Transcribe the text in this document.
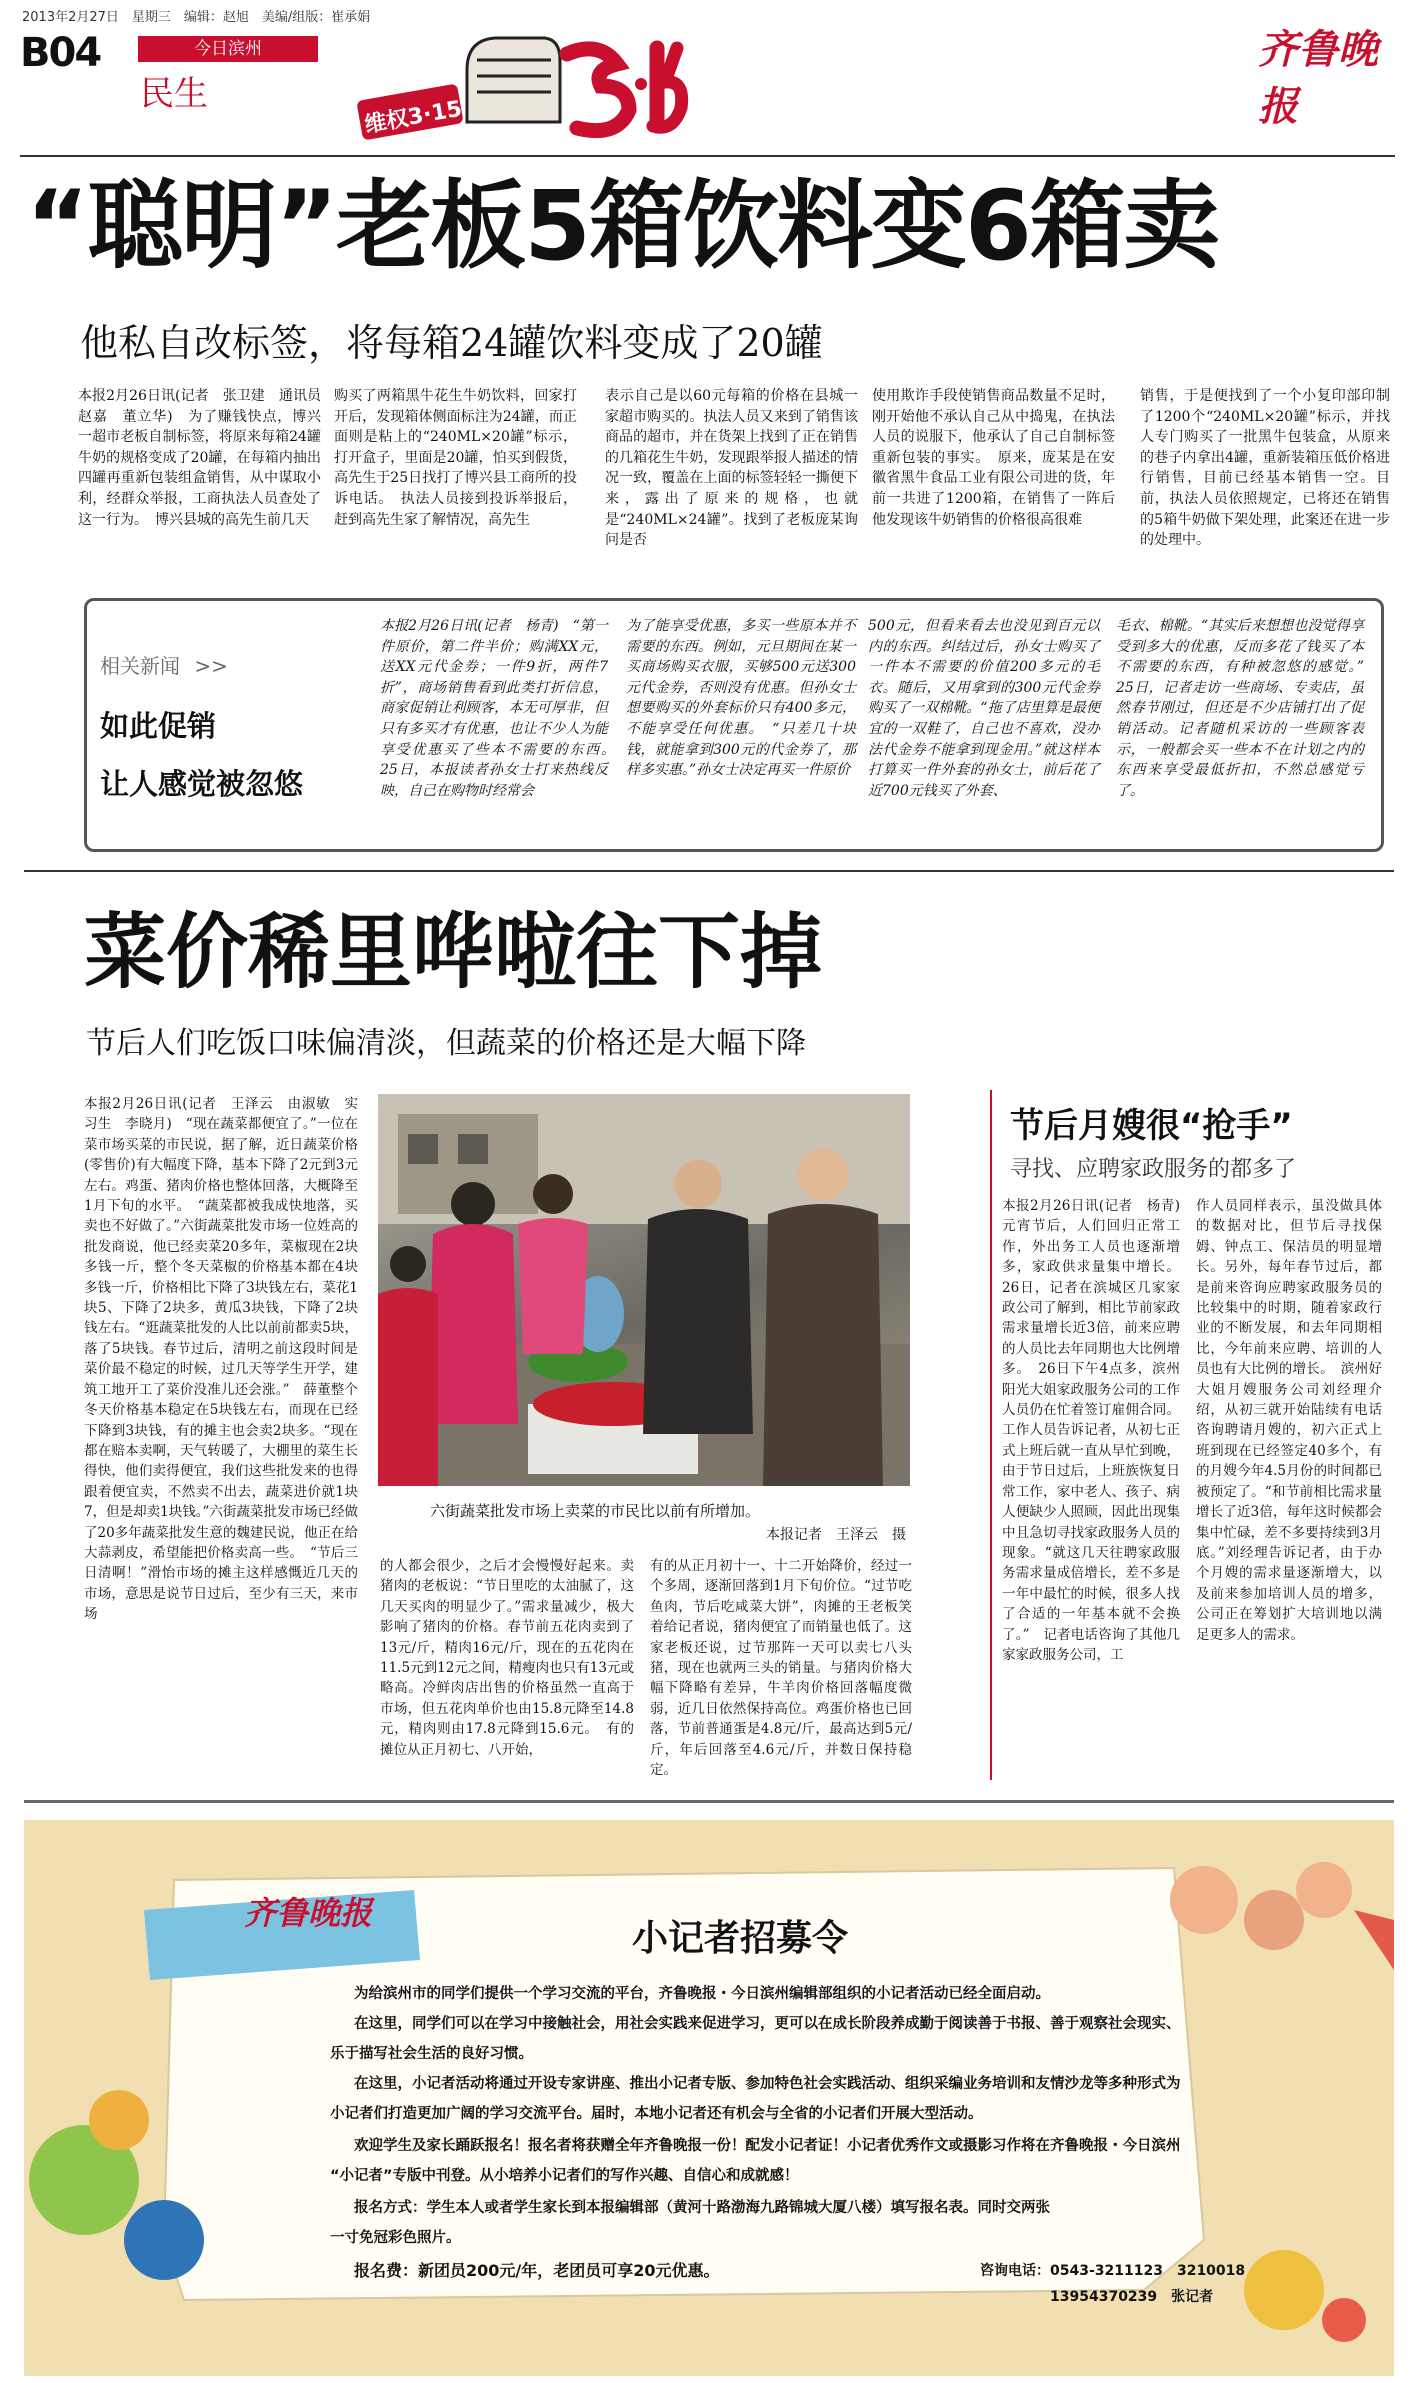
2013年2月27日　星期三　编辑：赵旭　美编/组版：崔承娟
B04	今日滨州
民生
维权3·15
齐鲁晚报
“聪明”老板5箱饮料变6箱卖
他私自改标签，将每箱24罐饮料变成了20罐
本报2月26日讯(记者　张卫建　通讯员　赵嘉　董立华)　为了赚钱快点，博兴一超市老板自制标签，将原来每箱24罐牛奶的规格变成了20罐，在每箱内抽出四罐再重新包装组盒销售，从中谋取小利，经群众举报，工商执法人员查处了这一行为。　博兴县城的高先生前几天
购买了两箱黑牛花生牛奶饮料，回家打开后，发现箱体侧面标注为24罐，而正面则是粘上的“240ML×20罐”标示，打开盒子，里面是20罐，怕买到假货，高先生于25日找打了博兴县工商所的投诉电话。　执法人员接到投诉举报后，赶到高先生家了解情况，高先生
表示自己是以60元每箱的价格在县城一家超市购买的。执法人员又来到了销售该商品的超市，并在货架上找到了正在销售的几箱花生牛奶，发现跟举报人描述的情况一致，覆盖在上面的标签轻轻一撕便下来，露出了原来的规格，也就是“240ML×24罐”。找到了老板庞某询问是否
使用欺诈手段使销售商品数量不足时，刚开始他不承认自己从中捣鬼，在执法人员的说服下，他承认了自己自制标签重新包装的事实。　原来，庞某是在安徽省黑牛食品工业有限公司进的货，年前一共进了1200箱，在销售了一阵后他发现该牛奶销售的价格很高很难
销售，于是便找到了一个小复印部印制了1200个“240ML×20罐”标示，并找人专门购买了一批黑牛包装盒，从原来的巷子内拿出4罐，重新装箱压低价格进行销售，目前已经基本销售一空。目前，执法人员依照规定，已将还在销售的5箱牛奶做下架处理，此案还在进一步的处理中。
相关新闻 >>
如此促销
让人感觉被忽悠
本报2月26日讯(记者　杨青)　“第一件原价，第二件半价；购满XX元，送XX元代金券；一件9折，两件7折”，商场销售看到此类打折信息，商家促销让利顾客，本无可厚非，但只有多买才有优惠，也让不少人为能享受优惠买了些本不需要的东西。　25日，本报读者孙女士打来热线反映，自己在购物时经常会
为了能享受优惠，多买一些原本并不需要的东西。例如，元旦期间在某一买商场购买衣服，买够500元送300元代金券，否则没有优惠。但孙女士想要购买的外套标价只有400多元，不能享受任何优惠。　“只差几十块钱，就能拿到300元的代金券了，那样多实惠。”孙女士决定再买一件原价
500元，但看来看去也没见到百元以内的东西。纠结过后，孙女士购买了一件本不需要的价值200多元的毛衣。随后，又用拿到的300元代金券购买了一双棉靴。“拖了店里算是最便宜的一双鞋了，自己也不喜欢，没办法代金券不能拿到现金用。”就这样本打算买一件外套的孙女士，前后花了近700元钱买了外套、
毛衣、棉靴。“其实后来想想也没觉得享受到多大的优惠，反而多花了钱买了本不需要的东西，有种被忽悠的感觉。”　25日，记者走访一些商场、专卖店，虽然春节刚过，但还是不少店铺打出了促销活动。记者随机采访的一些顾客表示，一般都会买一些本不在计划之内的东西来享受最低折扣，不然总感觉亏了。
菜价稀里哗啦往下掉
节后人们吃饭口味偏清淡，但蔬菜的价格还是大幅下降
本报2月26日讯(记者　王泽云　由淑敏　实习生　李晓月)　“现在蔬菜都便宜了。”一位在菜市场买菜的市民说，据了解，近日蔬菜价格(零售价)有大幅度下降，基本下降了2元到3元左右。鸡蛋、猪肉价格也整体回落，大概降至1月下旬的水平。　“蔬菜都被我成快地落，买卖也不好做了。”六街蔬菜批发市场一位姓高的批发商说，他已经卖菜20多年，菜椒现在2块多钱一斤，整个冬天菜椒的价格基本都在4块多钱一斤，价格相比下降了3块钱左右，菜花1块5、下降了2块多，黄瓜3块钱，下降了2块钱左右。“逛蔬菜批发的人比以前前都卖5块，落了5块钱。春节过后，清明之前这段时间是菜价最不稳定的时候，过几天等学生开学，建筑工地开工了菜价没准儿还会涨。”　薛董整个冬天价格基本稳定在5块钱左右，而现在已经下降到3块钱，有的摊主也会卖2块多。“现在都在赔本卖啊，天气转暖了，大棚里的菜生长得快，他们卖得便宜，我们这些批发来的也得跟着便宜卖，不然卖不出去，蔬菜进价就1块7，但是却卖1块钱。”六街蔬菜批发市场已经做了20多年蔬菜批发生意的魏建民说，他正在给大蒜剥皮，希望能把价格卖高一些。　“节后三日清啊！”滑怡市场的摊主这样感慨近几天的市场，意思是说节日过后，至少有三天，来市场
六街蔬菜批发市场上卖菜的市民比以前有所增加。
本报记者　王泽云　摄
的人都会很少，之后才会慢慢好起来。卖猪肉的老板说：“节日里吃的太油腻了，这几天买肉的明显少了。”需求量减少，极大影响了猪肉的价格。春节前五花肉卖到了13元/斤，精肉16元/斤，现在的五花肉在11.5元到12元之间，精瘦肉也只有13元或略高。冷鲜肉店出售的价格虽然一直高于市场，但五花肉单价也由15.8元降至14.8元，精肉则由17.8元降到15.6元。　有的摊位从正月初七、八开始，
有的从正月初十一、十二开始降价，经过一个多周，逐渐回落到1月下旬价位。“过节吃鱼肉，节后吃咸菜大饼”，肉摊的王老板笑着给记者说，猪肉便宜了而销量也低了。这家老板还说，过节那阵一天可以卖七八头猪，现在也就两三头的销量。与猪肉价格大幅下降略有差异，牛羊肉价格回落幅度微弱，近几日依然保持高位。鸡蛋价格也已回落，节前普通蛋是4.8元/斤，最高达到5元/斤，年后回落至4.6元/斤，并数日保持稳定。
节后月嫂很“抢手”
寻找、应聘家政服务的都多了
本报2月26日讯(记者　杨青)　元宵节后，人们回归正常工作，外出务工人员也逐渐增多，家政供求量集中增长。26日，记者在滨城区几家家政公司了解到，相比节前家政需求量增长近3倍，前来应聘的人员比去年同期也大比例增多。　26日下午4点多，滨州阳光大姐家政服务公司的工作人员仍在忙着签订雇佣合同。工作人员告诉记者，从初七正式上班后就一直从早忙到晚，由于节日过后，上班族恢复日常工作，家中老人、孩子、病人便缺少人照顾，因此出现集中且急切寻找家政服务人员的现象。“就这几天往聘家政服务需求量成倍增长，差不多是一年中最忙的时候，很多人找了合适的一年基本就不会换了。”　记者电话咨询了其他几家家政服务公司，工
作人员同样表示，虽没做具体的数据对比，但节后寻找保姆、钟点工、保洁员的明显增长。另外，每年春节过后，都是前来咨询应聘家政服务员的比较集中的时期，随着家政行业的不断发展，和去年同期相比，今年前来应聘、培训的人员也有大比例的增长。　滨州好大姐月嫂服务公司刘经理介绍，从初三就开始陆续有电话咨询聘请月嫂的，初六正式上班到现在已经签定40多个，有的月嫂今年4.5月份的时间都已被预定了。“和节前相比需求量增长了近3倍，每年这时候都会集中忙碌，差不多要持续到3月底。”刘经理告诉记者，由于办个月嫂的需求量逐渐增大，以及前来参加培训人员的增多，公司正在筹划扩大培训地以满足更多人的需求。
齐鲁晚报
小记者招募令
为给滨州市的同学们提供一个学习交流的平台，齐鲁晚报・今日滨州编辑部组织的小记者活动已经全面启动。
在这里，同学们可以在学习中接触社会，用社会实践来促进学习，更可以在成长阶段养成勤于阅读善于书报、善于观察社会现实、
乐于描写社会生活的良好习惯。
在这里，小记者活动将通过开设专家讲座、推出小记者专版、参加特色社会实践活动、组织采编业务培训和友情沙龙等多种形式为
小记者们打造更加广阔的学习交流平台。届时，本地小记者还有机会与全省的小记者们开展大型活动。
欢迎学生及家长踊跃报名！报名者将获赠全年齐鲁晚报一份！配发小记者证！小记者优秀作文或摄影习作将在齐鲁晚报・今日滨州
“小记者”专版中刊登。从小培养小记者们的写作兴趣、自信心和成就感！
报名方式：学生本人或者学生家长到本报编辑部（黄河十路渤海九路锦城大厦八楼）填写报名表。同时交两张
一寸免冠彩色照片。
报名费：新团员200元/年，老团员可享20元优惠。	咨询电话：0543-3211123　3210018
13954370239　张记者
